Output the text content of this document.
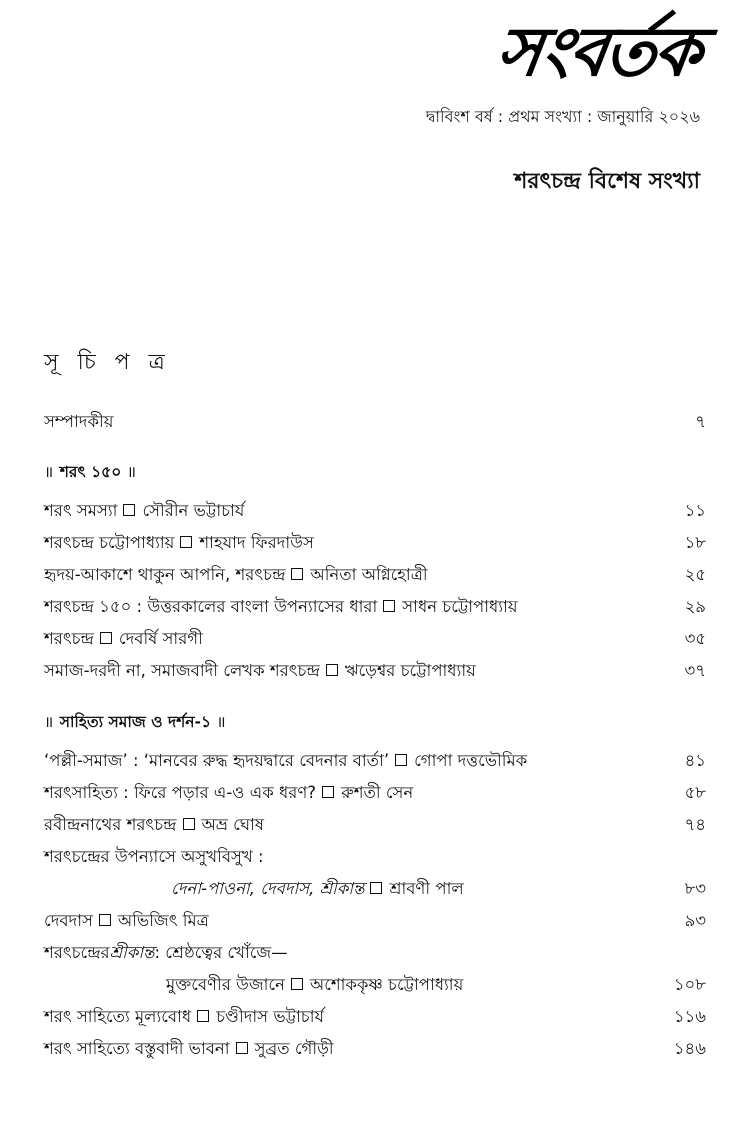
সংবর্তক
দ্বাবিংশ বর্ষ : প্রথম সংখ্যা : জানুয়ারি ২০২৬
শরৎচন্দ্র বিশেষ সংখ্যা
সূ চি প ত্র
সম্পাদকীয়	৭
॥ শরৎ ১৫০ ॥
শরৎ সমস্যা সৌরীন ভট্টাচার্য	১১
শরৎচন্দ্র চট্টোপাধ্যায় শাহযাদ ফিরদাউস	১৮
হৃদয়-আকাশে থাকুন আপনি, শরৎচন্দ্র অনিতা অগ্নিহোত্রী	২৫
শরৎচন্দ্র ১৫০ : উত্তরকালের বাংলা উপন্যাসের ধারা সাধন চট্টোপাধ্যায়	২৯
শরৎচন্দ্র দেবর্ষি সারগী	৩৫
সমাজ-দরদী না, সমাজবাদী লেখক শরৎচন্দ্র ঋড়েশ্বর চট্টোপাধ্যায়	৩৭
॥ সাহিত্য সমাজ ও দর্শন-১ ॥
‘পল্লী-সমাজ’ : ‘মানবের রুদ্ধ হৃদয়দ্বারে বেদনার বার্তা’ গোপা দত্তভৌমিক	৪১
শরৎসাহিত্য : ফিরে পড়ার এ-ও এক ধরণ? রুশতী সেন	৫৮
রবীন্দ্রনাথের শরৎচন্দ্র অভ্র ঘোষ	৭৪
শরৎচন্দ্রের উপন্যাসে অসুখবিসুখ :
দেনা-পাওনা, দেবদাস, শ্রীকান্ত শ্রাবণী পাল	৮৩
দেবদাস অভিজিৎ মিত্র	৯৩
শরৎচন্দ্রের শ্রীকান্ত : শ্রেষ্ঠত্বের খোঁজে—
মুক্তবেণীর উজানে অশোককৃষ্ণ চট্টোপাধ্যায়	১০৮
শরৎ সাহিত্যে মূল্যবোধ চণ্ডীদাস ভট্টাচার্য	১১৬
শরৎ সাহিত্যে বস্তুবাদী ভাবনা সুব্রত গৌড়ী	১৪৬
